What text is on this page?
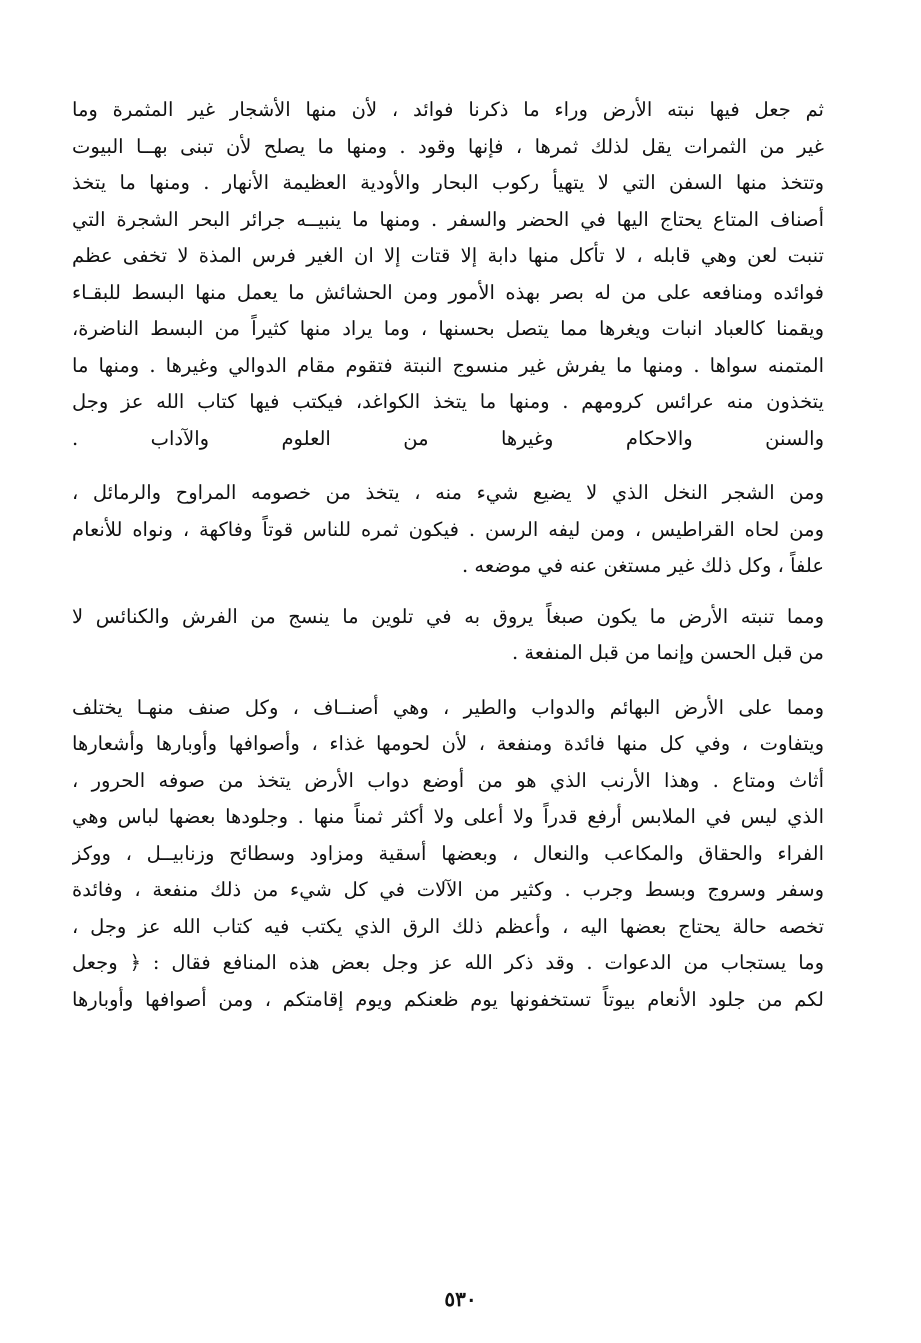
ثم جعل فيها نبته الأرض وراء ما ذكرنا فوائد ، لأن منها الأشجار غير المثمرة وما
غير من الثمرات يقل لذلك ثمرها ، فإنها وقود . ومنها ما يصلح لأن تبنى بهــا البيوت
وتتخذ منها السفن التي لا يتهيأ ركوب البحار والأودية العظيمة الأنهار . ومنها ما يتخذ
أصناف المتاع يحتاج اليها في الحضر والسفر . ومنها ما ينبيــه جرائر البحر الشجرة التي
تنبت لعن وهي قابله ، لا تأكل منها دابة إلا قتات إلا ان الغير فرس المذة لا تخفى عظم
فوائده ومنافعه على من له بصر بهذه الأمور ومن الحشائش ما يعمل منها البسط للبقـاء
ويقمنا كالعباد انبات ويغرها مما يتصل بحسنها ، وما يراد منها كثيراً من البسط الناضرة،
المتمنه سواها . ومنها ما يفرش غير منسوج النبتة فتقوم مقام الدوالي وغيرها . ومنها ما
يتخذون منه عرائس كرومهم . ومنها ما يتخذ الكواغد، فيكتب فيها كتاب الله عز وجل
والسنن والاحكام وغيرها من العلوم والآداب .
ومن الشجر النخل الذي لا يضيع شيء منه ، يتخذ من خصومه المراوح والرمائل ،
ومن لحاه القراطيس ، ومن ليفه الرسن . فيكون ثمره للناس قوتاً وفاكهة ، ونواه للأنعام
علفاً ، وكل ذلك غير مستغن عنه في موضعه .
ومما تنبته الأرض ما يكون صبغاً يروق به في تلوين ما ينسج من الفرش والكنائس لا
من قبل الحسن وإنما من قبل المنفعة .
ومما على الأرض البهائم والدواب والطير ، وهي أصنــاف ، وكل صنف منهـا يختلف
ويتفاوت ، وفي كل منها فائدة ومنفعة ، لأن لحومها غذاء ، وأصوافها وأوبارها وأشعارها
أثاث ومتاع . وهذا الأرنب الذي هو من أوضع دواب الأرض يتخذ من صوفه الحرور ،
الذي ليس في الملابس أرفع قدراً ولا أعلى ولا أكثر ثمناً منها . وجلودها بعضها لباس وهي
الفراء والحقاق والمكاعب والنعال ، وبعضها أسقية ومزاود وسطائح وزنابيــل ، ووكز
وسفر وسروج وبسط وجرب . وكثير من الآلات في كل شيء من ذلك منفعة ، وفائدة
تخصه حالة يحتاج بعضها اليه ، وأعظم ذلك الرق الذي يكتب فيه كتاب الله عز وجل ،
وما يستجاب من الدعوات . وقد ذكر الله عز وجل بعض هذه المنافع فقال : ﴿ وجعل
لكم من جلود الأنعام بيوتاً تستخفونها يوم ظعنكم ويوم إقامتكم ، ومن أصوافها وأوبارها
٥٣٠
